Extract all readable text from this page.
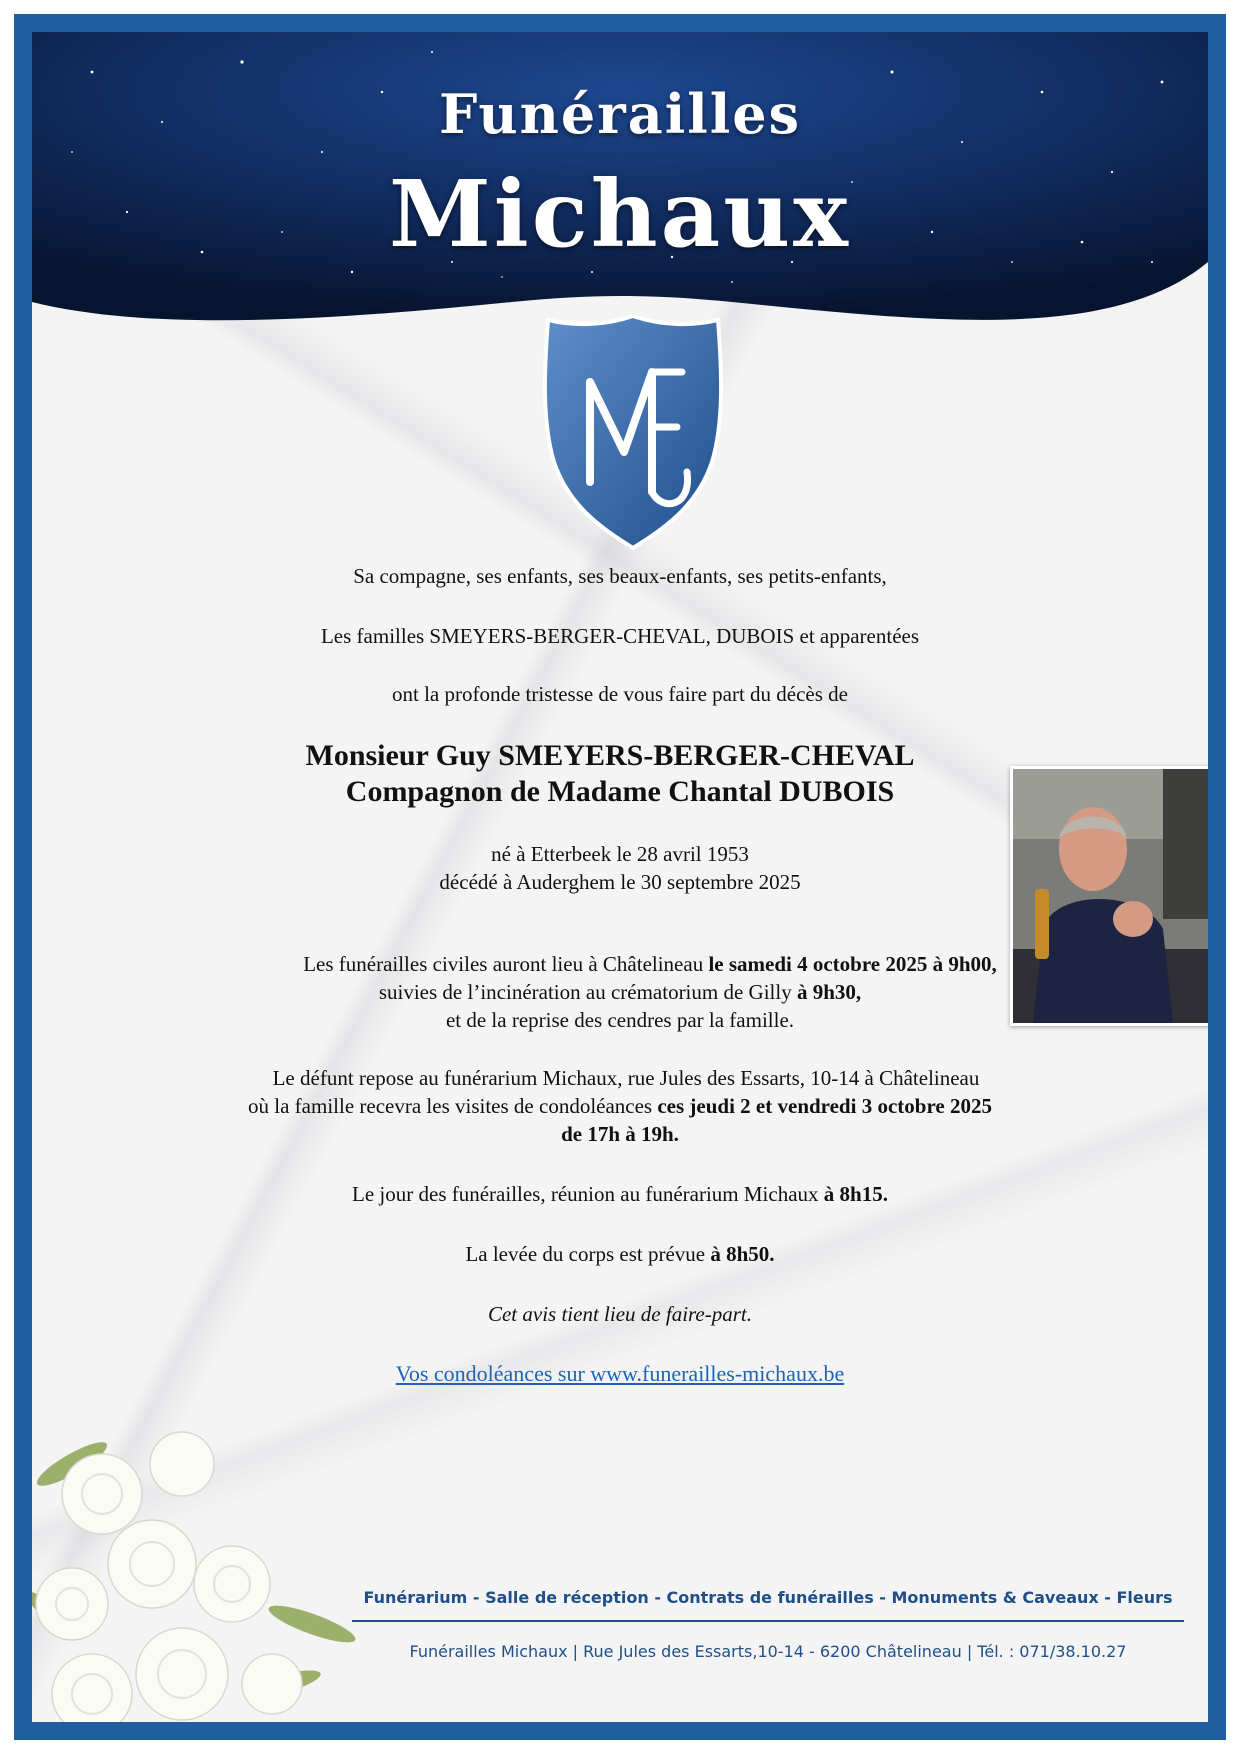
Funérailles
Michaux
Sa compagne, ses enfants, ses beaux-enfants, ses petits-enfants,
Les familles SMEYERS-BERGER-CHEVAL, DUBOIS et apparentées
ont la profonde tristesse de vous faire part du décès de
Monsieur Guy SMEYERS-BERGER-CHEVAL
Compagnon de Madame Chantal DUBOIS
né à Etterbeek le 28 avril 1953
décédé à Auderghem le 30 septembre 2025
Les funérailles civiles auront lieu à Châtelineau le samedi 4 octobre 2025 à 9h00,
suivies de l’incinération au crématorium de Gilly à 9h30,
et de la reprise des cendres par la famille.
Le défunt repose au funérarium Michaux, rue Jules des Essarts, 10-14 à Châtelineau
où la famille recevra les visites de condoléances ces jeudi 2 et vendredi 3 octobre 2025
de 17h à 19h.
Le jour des funérailles, réunion au funérarium Michaux à 8h15.
La levée du corps est prévue à 8h50.
Cet avis tient lieu de faire-part.
Vos condoléances sur www.funerailles-michaux.be
Funérarium - Salle de réception - Contrats de funérailles - Monuments & Caveaux - Fleurs
Funérailles Michaux | Rue Jules des Essarts,10-14 - 6200 Châtelineau | Tél. : 071/38.10.27
